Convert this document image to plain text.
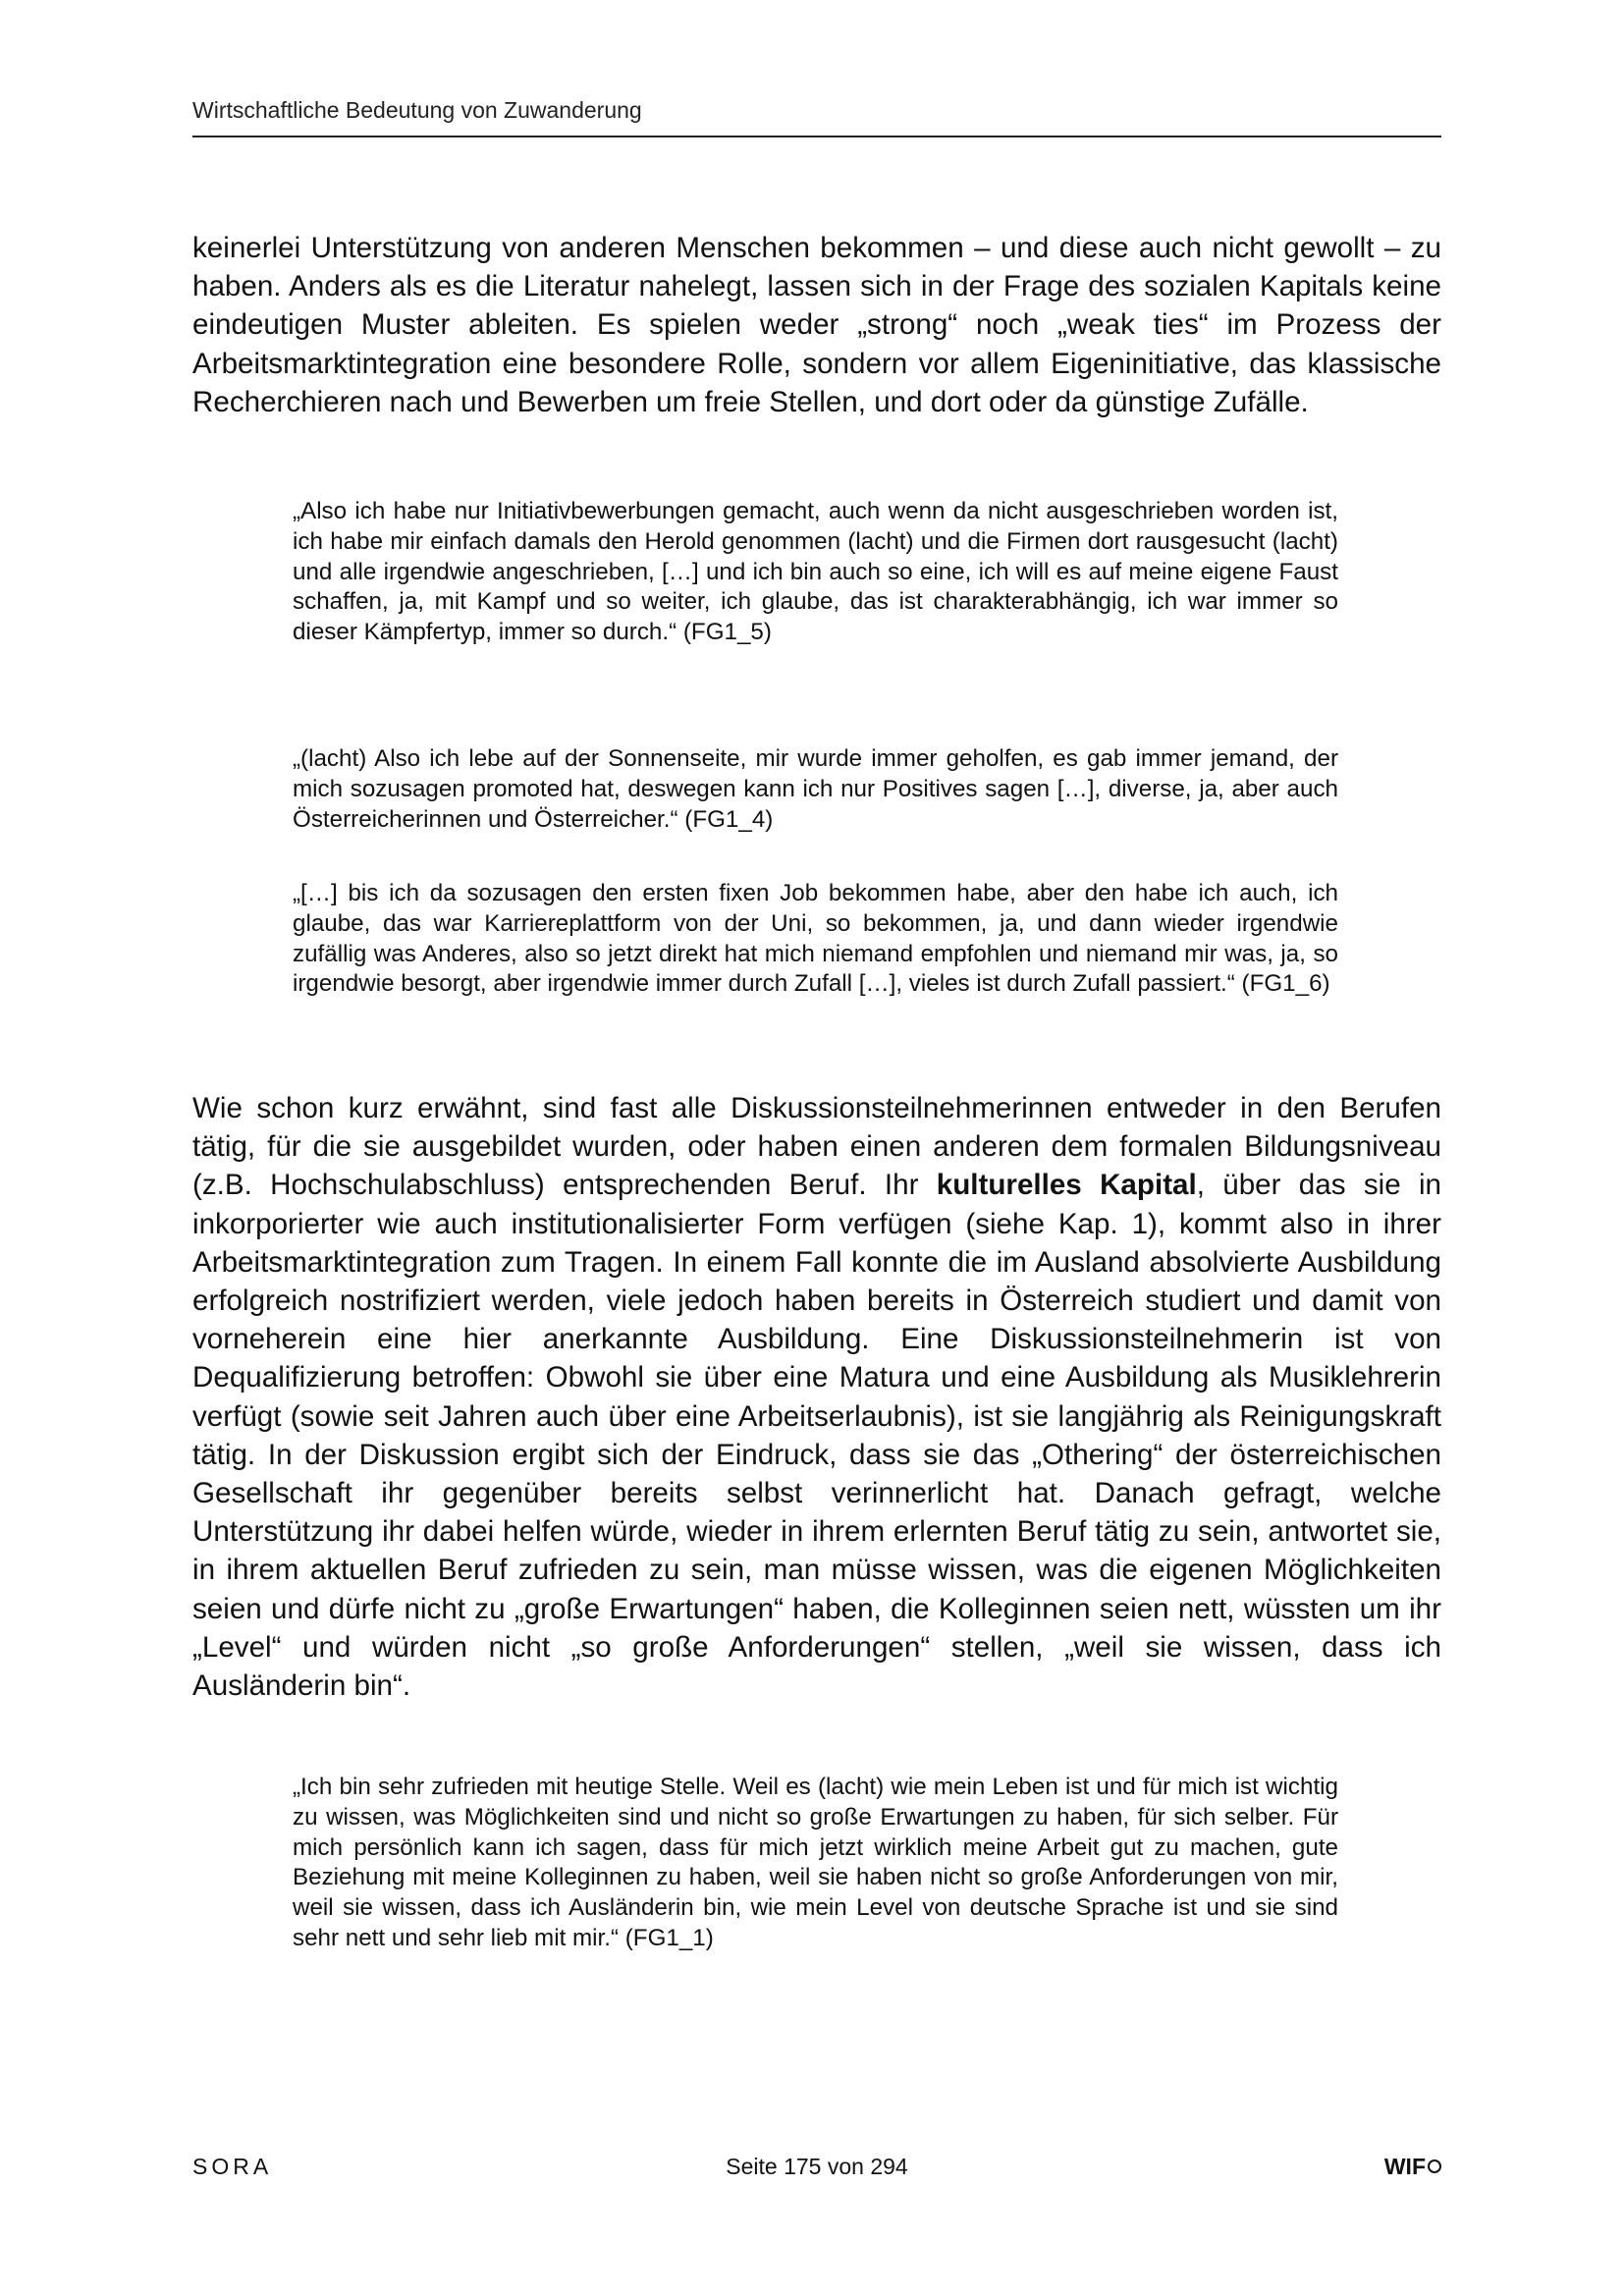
Wirtschaftliche Bedeutung von Zuwanderung

keinerlei Unterstützung von anderen Menschen bekommen – und diese auch nicht gewollt – zu haben. Anders als es die Literatur nahelegt, lassen sich in der Frage des sozialen Kapitals keine eindeutigen Muster ableiten. Es spielen weder „strong“ noch „weak ties“ im Prozess der Arbeitsmarktintegration eine besondere Rolle, sondern vor allem Eigeninitiative, das klassische Recherchieren nach und Bewerben um freie Stellen, und dort oder da günstige Zufälle.

„Also ich habe nur Initiativbewerbungen gemacht, auch wenn da nicht ausgeschrieben worden ist, ich habe mir einfach damals den Herold genommen (lacht) und die Firmen dort rausgesucht (lacht) und alle irgendwie angeschrieben, […] und ich bin auch so eine, ich will es auf meine eigene Faust schaffen, ja, mit Kampf und so weiter, ich glaube, das ist charakterabhängig, ich war immer so dieser Kämpfertyp, immer so durch.“ (FG1_5)

„(lacht) Also ich lebe auf der Sonnenseite, mir wurde immer geholfen, es gab immer jemand, der mich sozusagen promoted hat, deswegen kann ich nur Positives sagen […], diverse, ja, aber auch Österreicherinnen und Österreicher.“ (FG1_4)

„[…] bis ich da sozusagen den ersten fixen Job bekommen habe, aber den habe ich auch, ich glaube, das war Karriereplattform von der Uni, so bekommen, ja, und dann wieder irgendwie zufällig was Anderes, also so jetzt direkt hat mich niemand empfohlen und niemand mir was, ja, so irgendwie besorgt, aber irgendwie immer durch Zufall […], vieles ist durch Zufall passiert.“ (FG1_6)

Wie schon kurz erwähnt, sind fast alle Diskussionsteilnehmerinnen entweder in den Berufen tätig, für die sie ausgebildet wurden, oder haben einen anderen dem formalen Bildungsniveau (z.B. Hochschulabschluss) entsprechenden Beruf. Ihr kulturelles Kapital, über das sie in inkorporierter wie auch institutionalisierter Form verfügen (siehe Kap. 1), kommt also in ihrer Arbeitsmarktintegration zum Tragen. In einem Fall konnte die im Ausland absolvierte Ausbildung erfolgreich nostrifiziert werden, viele jedoch haben bereits in Österreich studiert und damit von vorneherein eine hier anerkannte Ausbildung. Eine Diskussionsteilnehmerin ist von Dequalifizierung betroffen: Obwohl sie über eine Matura und eine Ausbildung als Musiklehrerin verfügt (sowie seit Jahren auch über eine Arbeitserlaubnis), ist sie langjährig als Reinigungskraft tätig. In der Diskussion ergibt sich der Eindruck, dass sie das „Othering“ der österreichischen Gesellschaft ihr gegenüber bereits selbst verinnerlicht hat. Danach gefragt, welche Unterstützung ihr dabei helfen würde, wieder in ihrem erlernten Beruf tätig zu sein, antwortet sie, in ihrem aktuellen Beruf zufrieden zu sein, man müsse wissen, was die eigenen Möglichkeiten seien und dürfe nicht zu „große Erwartungen“ haben, die Kolleginnen seien nett, wüssten um ihr „Level“ und würden nicht „so große Anforderungen“ stellen, „weil sie wissen, dass ich Ausländerin bin“.

„Ich bin sehr zufrieden mit heutige Stelle. Weil es (lacht) wie mein Leben ist und für mich ist wichtig zu wissen, was Möglichkeiten sind und nicht so große Erwartungen zu haben, für sich selber. Für mich persönlich kann ich sagen, dass für mich jetzt wirklich meine Arbeit gut zu machen, gute Beziehung mit meine Kolleginnen zu haben, weil sie haben nicht so große Anforderungen von mir, weil sie wissen, dass ich Ausländerin bin, wie mein Level von deutsche Sprache ist und sie sind sehr nett und sehr lieb mit mir.“ (FG1_1)

SORA	Seite 175 von 294	WIF
